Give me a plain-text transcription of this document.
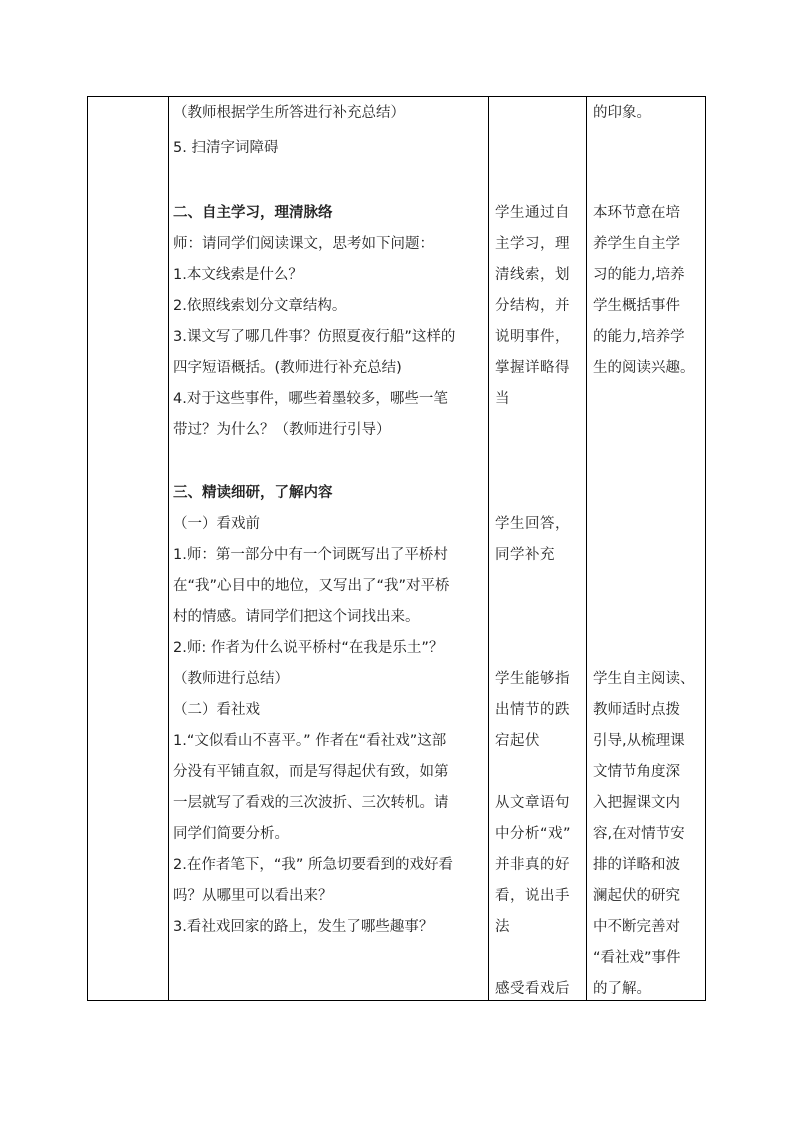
（教师根据学生所答进行补充总结）
5. 扫清字词障碍
二、自主学习，理清脉络
师：请同学们阅读课文，思考如下问题：
1.本文线索是什么？
2.依照线索划分文章结构。
3.课文写了哪几件事？仿照夏夜行船”这样的
四字短语概括。(教师进行补充总结)
4.对于这些事件，哪些着墨较多，哪些一笔
带过？为什么？（教师进行引导）
三、精读细研，了解内容
（一）看戏前
1.师：第一部分中有一个词既写出了平桥村
在“我”心目中的地位，又写出了“我”对平桥
村的情感。请同学们把这个词找出来。
2.师: 作者为什么说平桥村“在我是乐土”？
（教师进行总结）
（二）看社戏
1.“文似看山不喜平。” 作者在“看社戏”这部
分没有平铺直叙，而是写得起伏有致，如第
一层就写了看戏的三次波折、三次转机。请
同学们简要分析。
2.在作者笔下，“我” 所急切要看到的戏好看
吗？从哪里可以看出来？
3.看社戏回家的路上，发生了哪些趣事？
学生通过自
主学习，理
清线索，划
分结构，并
说明事件，
掌握详略得
当
学生回答，
同学补充
学生能够指
出情节的跌
宕起伏
从文章语句
中分析“戏”
并非真的好
看，说出手
法
感受看戏后
的印象。
本环节意在培
养学生自主学
习的能力,培养
学生概括事件
的能力,培养学
生的阅读兴趣。
学生自主阅读、
教师适时点拨
引导,从梳理课
文情节角度深
入把握课文内
容,在对情节安
排的详略和波
澜起伏的研究
中不断完善对
“看社戏”事件
的了解。
